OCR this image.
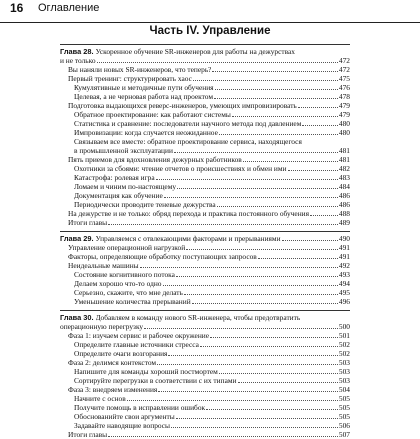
16 Оглавление
Часть IV. Управление
Глава 28. Ускоренное обучение SR-инженеров для работы на дежурствах
и не только	472
Вы наняли новых SR-инженеров, что теперь?	472
Первый тренинг: структурировать хаос	475
Кумулятивные и методичные пути обучения	476
Целевая, а не черновая работа над проектом	478
Подготовка выдающихся реверс-инженеров, умеющих импровизировать	479
Обратное проектирование: как работают системы	479
Статистика и сравнение: последователи научного метода под давлением	480
Импровизации: когда случается неожиданное	480
Связываем все вместе: обратное проектирование сервиса, находящегося
в промышленной эксплуатации	481
Пять приемов для вдохновления дежурных работников	481
Охотники за сбоями: чтение отчетов о происшествиях и обмен ими	482
Катастрофа: ролевая игра	483
Ломаем и чиним по-настоящему	484
Документация как обучение	486
Периодически проводите теневые дежурства	486
На дежурстве и не только: обряд перехода и практика постоянного обучения	488
Итоги главы	489
Глава 29. Управляемся с отвлекающими факторами и прерываниями	490
Управление операционной нагрузкой	491
Факторы, определяющие обработку поступающих запросов	491
Неидеальные машины	492
Состояние когнитивного потока	493
Делаем хорошо что-то одно	494
Серьезно, скажите, что мне делать	495
Уменьшение количества прерываний	496
Глава 30. Добавляем в команду нового SR-инженера, чтобы предотвратить
операционную перегрузку	500
Фаза 1: изучаем сервис и рабочее окружение	501
Определите главные источники стресса	502
Определите очаги возгорания	502
Фаза 2: делимся контекстом	503
Напишите для команды хороший постмортем	503
Сортируйте перегрузки в соответствии с их типами	503
Фаза 3: внедряем изменения	504
Начните с основ	505
Получите помощь в исправлении ошибок	505
Обоснованийте свои аргументы	505
Задавайте наводящие вопросы	506
Итоги главы	507
